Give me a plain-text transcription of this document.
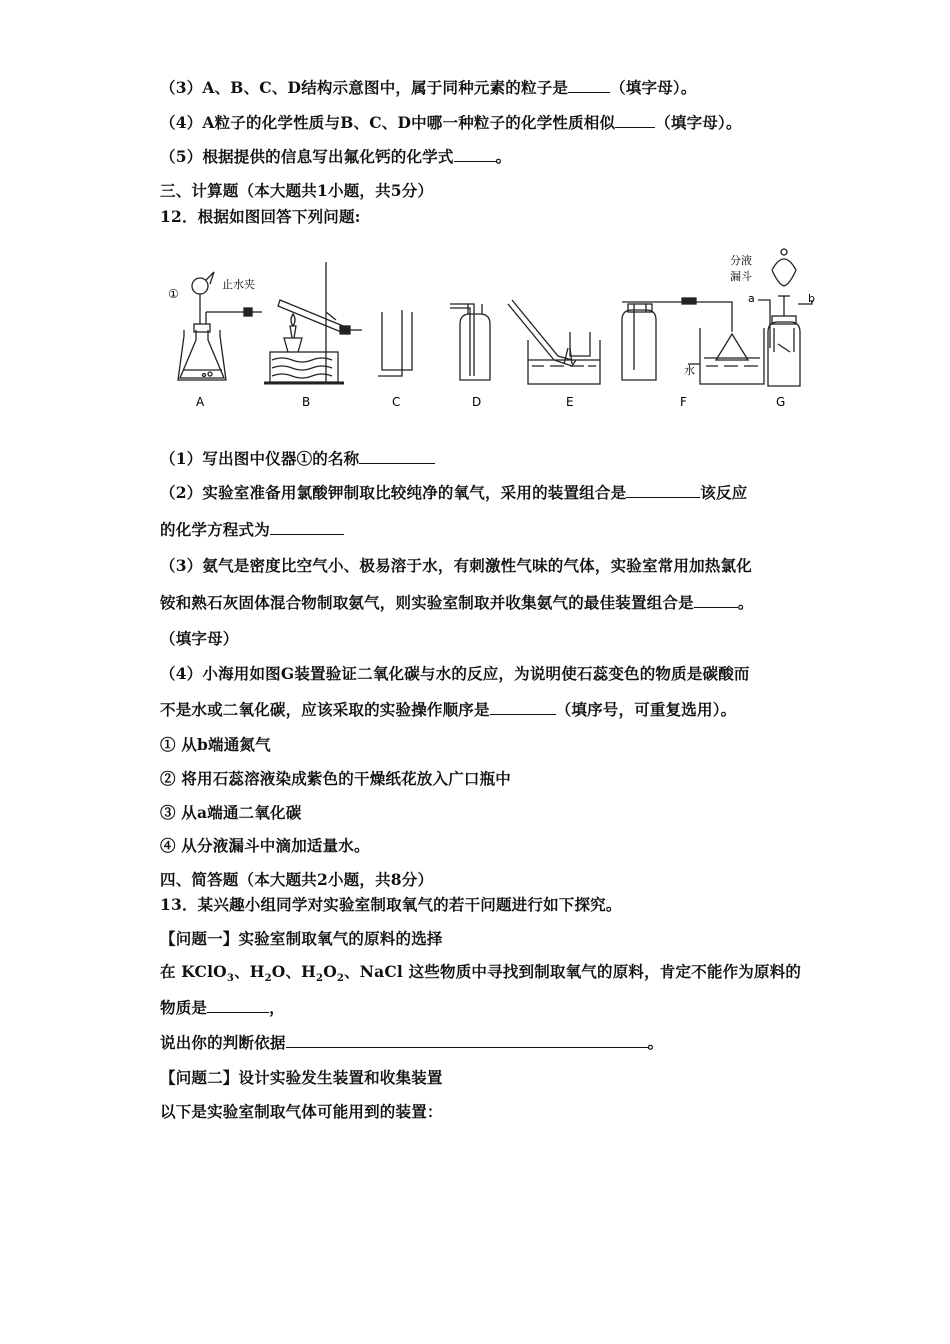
（3）A、B、C、D结构示意图中，属于同种元素的粒子是	（填字母）。
（4）A粒子的化学性质与B、C、D中哪一种粒子的化学性质相似	（填字母）。
（5）根据提供的信息写出氟化钙的化学式	。
三、计算题（本大题共1小题，共5分）
12．根据如图回答下列问题:
①
止水夹
分液
漏斗
水
a	b
A	B	C	D	E	F	G
（1）写出图中仪器①的名称
（2）实验室准备用氯酸钾制取比较纯净的氧气，采用的装置组合是	该反应
的化学方程式为
（3）氨气是密度比空气小、极易溶于水，有刺激性气味的气体，实验室常用加热氯化
铵和熟石灰固体混合物制取氨气，则实验室制取并收集氨气的最佳装置组合是	。
（填字母）
（4）小海用如图G装置验证二氧化碳与水的反应，为说明使石蕊变色的物质是碳酸而
不是水或二氧化碳，应该采取的实验操作顺序是	（填序号，可重复选用）。
① 从b端通氮气
② 将用石蕊溶液染成紫色的干燥纸花放入广口瓶中
③ 从a端通二氧化碳
④ 从分液漏斗中滴加适量水。
四、简答题（本大题共2小题，共8分）
13．某兴趣小组同学对实验室制取氧气的若干问题进行如下探究。
【问题一】实验室制取氧气的原料的选择
在 KClO$_3$、$H_2O$、$H_2O_2$、NaCl 这些物质中寻找到制取氧气的原料，肯定不能作为原料的
物质是	，
说出你的判断依据	。
【问题二】设计实验发生装置和收集装置
以下是实验室制取气体可能用到的装置：
